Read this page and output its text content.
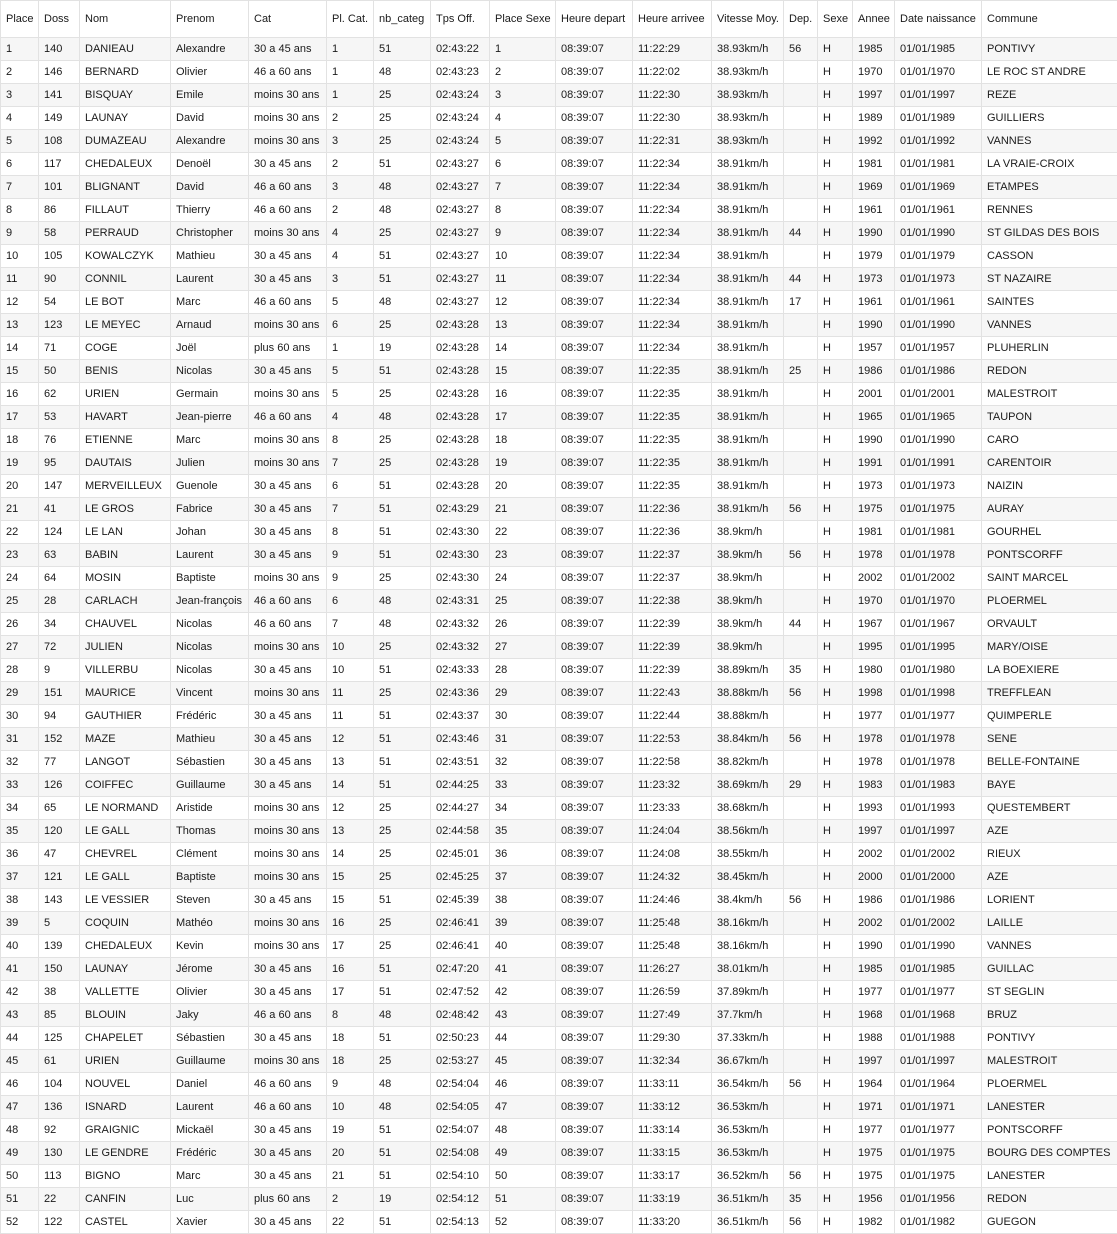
Place	Doss	Nom	Prenom	Cat	Pl. Cat.	nb_categ	Tps Off.	Place Sexe	Heure depart	Heure arrivee	Vitesse Moy.	Dep.	Sexe	Annee	Date naissance	Commune
1	140	DANIEAU	Alexandre	30 a 45 ans	1	51	02:43:22	1	08:39:07	11:22:29	38.93km/h	56	H	1985	01/01/1985	PONTIVY
2	146	BERNARD	Olivier	46 a 60 ans	1	48	02:43:23	2	08:39:07	11:22:02	38.93km/h		H	1970	01/01/1970	LE ROC ST ANDRE
3	141	BISQUAY	Emile	moins 30 ans	1	25	02:43:24	3	08:39:07	11:22:30	38.93km/h		H	1997	01/01/1997	REZE
4	149	LAUNAY	David	moins 30 ans	2	25	02:43:24	4	08:39:07	11:22:30	38.93km/h		H	1989	01/01/1989	GUILLIERS
5	108	DUMAZEAU	Alexandre	moins 30 ans	3	25	02:43:24	5	08:39:07	11:22:31	38.93km/h		H	1992	01/01/1992	VANNES
6	117	CHEDALEUX	Denoël	30 a 45 ans	2	51	02:43:27	6	08:39:07	11:22:34	38.91km/h		H	1981	01/01/1981	LA VRAIE-CROIX
7	101	BLIGNANT	David	46 a 60 ans	3	48	02:43:27	7	08:39:07	11:22:34	38.91km/h		H	1969	01/01/1969	ETAMPES
8	86	FILLAUT	Thierry	46 a 60 ans	2	48	02:43:27	8	08:39:07	11:22:34	38.91km/h		H	1961	01/01/1961	RENNES
9	58	PERRAUD	Christopher	moins 30 ans	4	25	02:43:27	9	08:39:07	11:22:34	38.91km/h	44	H	1990	01/01/1990	ST GILDAS DES BOIS
10	105	KOWALCZYK	Mathieu	30 a 45 ans	4	51	02:43:27	10	08:39:07	11:22:34	38.91km/h		H	1979	01/01/1979	CASSON
11	90	CONNIL	Laurent	30 a 45 ans	3	51	02:43:27	11	08:39:07	11:22:34	38.91km/h	44	H	1973	01/01/1973	ST NAZAIRE
12	54	LE BOT	Marc	46 a 60 ans	5	48	02:43:27	12	08:39:07	11:22:34	38.91km/h	17	H	1961	01/01/1961	SAINTES
13	123	LE MEYEC	Arnaud	moins 30 ans	6	25	02:43:28	13	08:39:07	11:22:34	38.91km/h		H	1990	01/01/1990	VANNES
14	71	COGE	Joël	plus 60 ans	1	19	02:43:28	14	08:39:07	11:22:34	38.91km/h		H	1957	01/01/1957	PLUHERLIN
15	50	BENIS	Nicolas	30 a 45 ans	5	51	02:43:28	15	08:39:07	11:22:35	38.91km/h	25	H	1986	01/01/1986	REDON
16	62	URIEN	Germain	moins 30 ans	5	25	02:43:28	16	08:39:07	11:22:35	38.91km/h		H	2001	01/01/2001	MALESTROIT
17	53	HAVART	Jean-pierre	46 a 60 ans	4	48	02:43:28	17	08:39:07	11:22:35	38.91km/h		H	1965	01/01/1965	TAUPON
18	76	ETIENNE	Marc	moins 30 ans	8	25	02:43:28	18	08:39:07	11:22:35	38.91km/h		H	1990	01/01/1990	CARO
19	95	DAUTAIS	Julien	moins 30 ans	7	25	02:43:28	19	08:39:07	11:22:35	38.91km/h		H	1991	01/01/1991	CARENTOIR
20	147	MERVEILLEUX	Guenole	30 a 45 ans	6	51	02:43:28	20	08:39:07	11:22:35	38.91km/h		H	1973	01/01/1973	NAIZIN
21	41	LE GROS	Fabrice	30 a 45 ans	7	51	02:43:29	21	08:39:07	11:22:36	38.91km/h	56	H	1975	01/01/1975	AURAY
22	124	LE LAN	Johan	30 a 45 ans	8	51	02:43:30	22	08:39:07	11:22:36	38.9km/h		H	1981	01/01/1981	GOURHEL
23	63	BABIN	Laurent	30 a 45 ans	9	51	02:43:30	23	08:39:07	11:22:37	38.9km/h	56	H	1978	01/01/1978	PONTSCORFF
24	64	MOSIN	Baptiste	moins 30 ans	9	25	02:43:30	24	08:39:07	11:22:37	38.9km/h		H	2002	01/01/2002	SAINT MARCEL
25	28	CARLACH	Jean-françois	46 a 60 ans	6	48	02:43:31	25	08:39:07	11:22:38	38.9km/h		H	1970	01/01/1970	PLOERMEL
26	34	CHAUVEL	Nicolas	46 a 60 ans	7	48	02:43:32	26	08:39:07	11:22:39	38.9km/h	44	H	1967	01/01/1967	ORVAULT
27	72	JULIEN	Nicolas	moins 30 ans	10	25	02:43:32	27	08:39:07	11:22:39	38.9km/h		H	1995	01/01/1995	MARY/OISE
28	9	VILLERBU	Nicolas	30 a 45 ans	10	51	02:43:33	28	08:39:07	11:22:39	38.89km/h	35	H	1980	01/01/1980	LA BOEXIERE
29	151	MAURICE	Vincent	moins 30 ans	11	25	02:43:36	29	08:39:07	11:22:43	38.88km/h	56	H	1998	01/01/1998	TREFFLEAN
30	94	GAUTHIER	Frédéric	30 a 45 ans	11	51	02:43:37	30	08:39:07	11:22:44	38.88km/h		H	1977	01/01/1977	QUIMPERLE
31	152	MAZE	Mathieu	30 a 45 ans	12	51	02:43:46	31	08:39:07	11:22:53	38.84km/h	56	H	1978	01/01/1978	SENE
32	77	LANGOT	Sébastien	30 a 45 ans	13	51	02:43:51	32	08:39:07	11:22:58	38.82km/h		H	1978	01/01/1978	BELLE-FONTAINE
33	126	COIFFEC	Guillaume	30 a 45 ans	14	51	02:44:25	33	08:39:07	11:23:32	38.69km/h	29	H	1983	01/01/1983	BAYE
34	65	LE NORMAND	Aristide	moins 30 ans	12	25	02:44:27	34	08:39:07	11:23:33	38.68km/h		H	1993	01/01/1993	QUESTEMBERT
35	120	LE GALL	Thomas	moins 30 ans	13	25	02:44:58	35	08:39:07	11:24:04	38.56km/h		H	1997	01/01/1997	AZE
36	47	CHEVREL	Clément	moins 30 ans	14	25	02:45:01	36	08:39:07	11:24:08	38.55km/h		H	2002	01/01/2002	RIEUX
37	121	LE GALL	Baptiste	moins 30 ans	15	25	02:45:25	37	08:39:07	11:24:32	38.45km/h		H	2000	01/01/2000	AZE
38	143	LE VESSIER	Steven	30 a 45 ans	15	51	02:45:39	38	08:39:07	11:24:46	38.4km/h	56	H	1986	01/01/1986	LORIENT
39	5	COQUIN	Mathéo	moins 30 ans	16	25	02:46:41	39	08:39:07	11:25:48	38.16km/h		H	2002	01/01/2002	LAILLE
40	139	CHEDALEUX	Kevin	moins 30 ans	17	25	02:46:41	40	08:39:07	11:25:48	38.16km/h		H	1990	01/01/1990	VANNES
41	150	LAUNAY	Jérome	30 a 45 ans	16	51	02:47:20	41	08:39:07	11:26:27	38.01km/h		H	1985	01/01/1985	GUILLAC
42	38	VALLETTE	Olivier	30 a 45 ans	17	51	02:47:52	42	08:39:07	11:26:59	37.89km/h		H	1977	01/01/1977	ST SEGLIN
43	85	BLOUIN	Jaky	46 a 60 ans	8	48	02:48:42	43	08:39:07	11:27:49	37.7km/h		H	1968	01/01/1968	BRUZ
44	125	CHAPELET	Sébastien	30 a 45 ans	18	51	02:50:23	44	08:39:07	11:29:30	37.33km/h		H	1988	01/01/1988	PONTIVY
45	61	URIEN	Guillaume	moins 30 ans	18	25	02:53:27	45	08:39:07	11:32:34	36.67km/h		H	1997	01/01/1997	MALESTROIT
46	104	NOUVEL	Daniel	46 a 60 ans	9	48	02:54:04	46	08:39:07	11:33:11	36.54km/h	56	H	1964	01/01/1964	PLOERMEL
47	136	ISNARD	Laurent	46 a 60 ans	10	48	02:54:05	47	08:39:07	11:33:12	36.53km/h		H	1971	01/01/1971	LANESTER
48	92	GRAIGNIC	Mickaël	30 a 45 ans	19	51	02:54:07	48	08:39:07	11:33:14	36.53km/h		H	1977	01/01/1977	PONTSCORFF
49	130	LE GENDRE	Frédéric	30 a 45 ans	20	51	02:54:08	49	08:39:07	11:33:15	36.53km/h		H	1975	01/01/1975	BOURG DES COMPTES
50	113	BIGNO	Marc	30 a 45 ans	21	51	02:54:10	50	08:39:07	11:33:17	36.52km/h	56	H	1975	01/01/1975	LANESTER
51	22	CANFIN	Luc	plus 60 ans	2	19	02:54:12	51	08:39:07	11:33:19	36.51km/h	35	H	1956	01/01/1956	REDON
52	122	CASTEL	Xavier	30 a 45 ans	22	51	02:54:13	52	08:39:07	11:33:20	36.51km/h	56	H	1982	01/01/1982	GUEGON
